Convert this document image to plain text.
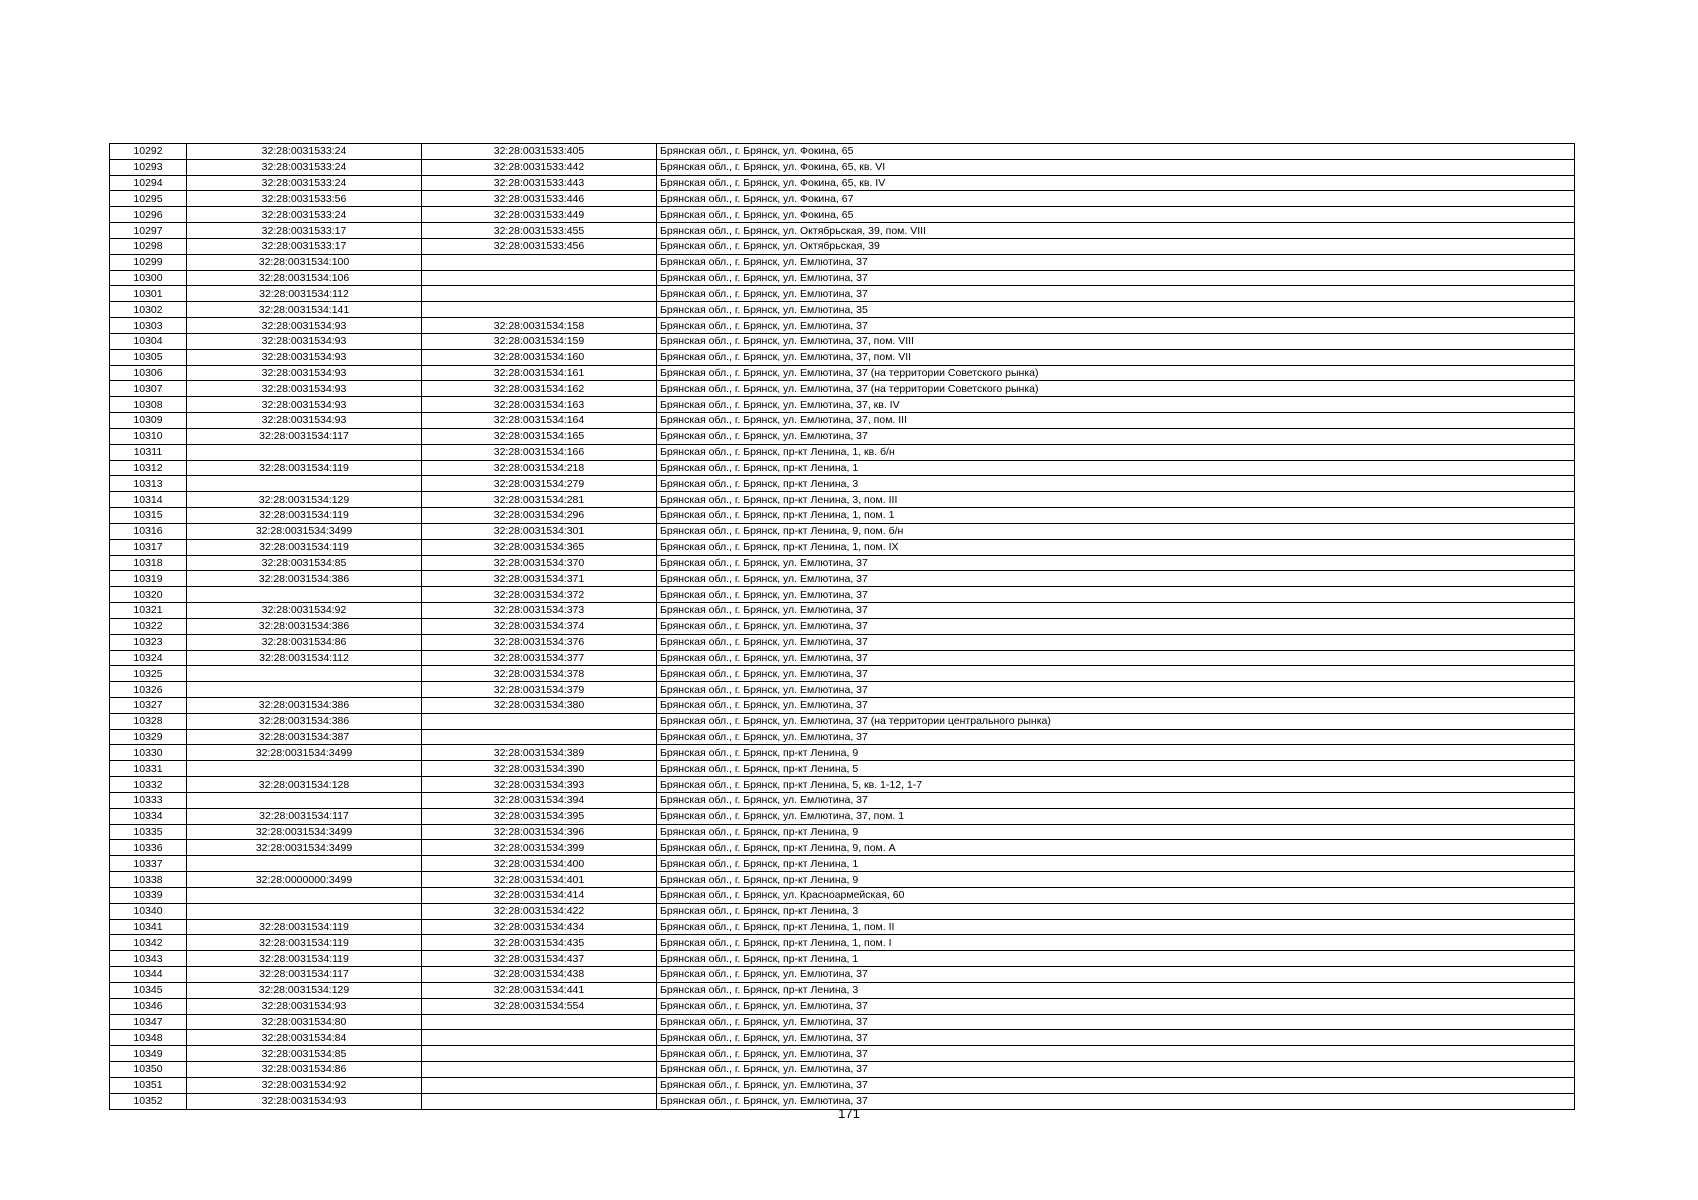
10292	32:28:0031533:24	32:28:0031533:405	Брянская обл., г. Брянск, ул. Фокина, 65
10293	32:28:0031533:24	32:28:0031533:442	Брянская обл., г. Брянск, ул. Фокина, 65, кв. VI
10294	32:28:0031533:24	32:28:0031533:443	Брянская обл., г. Брянск, ул. Фокина, 65, кв. IV
10295	32:28:0031533:56	32:28:0031533:446	Брянская обл., г. Брянск, ул. Фокина, 67
10296	32:28:0031533:24	32:28:0031533:449	Брянская обл., г. Брянск, ул. Фокина, 65
10297	32:28:0031533:17	32:28:0031533:455	Брянская обл., г. Брянск, ул. Октябрьская, 39, пом. VIII
10298	32:28:0031533:17	32:28:0031533:456	Брянская обл., г. Брянск, ул. Октябрьская, 39
10299	32:28:0031534:100		Брянская обл., г. Брянск, ул. Емлютина, 37
10300	32:28:0031534:106		Брянская обл., г. Брянск, ул. Емлютина, 37
10301	32:28:0031534:112		Брянская обл., г. Брянск, ул. Емлютина, 37
10302	32:28:0031534:141		Брянская обл., г. Брянск, ул. Емлютина, 35
10303	32:28:0031534:93	32:28:0031534:158	Брянская обл., г. Брянск, ул. Емлютина, 37
10304	32:28:0031534:93	32:28:0031534:159	Брянская обл., г. Брянск, ул. Емлютина, 37, пом. VIII
10305	32:28:0031534:93	32:28:0031534:160	Брянская обл., г. Брянск, ул. Емлютина, 37, пом. VII
10306	32:28:0031534:93	32:28:0031534:161	Брянская обл., г. Брянск, ул. Емлютина, 37 (на территории Советского рынка)
10307	32:28:0031534:93	32:28:0031534:162	Брянская обл., г. Брянск, ул. Емлютина, 37 (на территории Советского рынка)
10308	32:28:0031534:93	32:28:0031534:163	Брянская обл., г. Брянск, ул. Емлютина, 37, кв. IV
10309	32:28:0031534:93	32:28:0031534:164	Брянская обл., г. Брянск, ул. Емлютина, 37, пом. III
10310	32:28:0031534:117	32:28:0031534:165	Брянская обл., г. Брянск, ул. Емлютина, 37
10311		32:28:0031534:166	Брянская обл., г. Брянск, пр-кт Ленина, 1, кв. б/н
10312	32:28:0031534:119	32:28:0031534:218	Брянская обл., г. Брянск, пр-кт Ленина, 1
10313		32:28:0031534:279	Брянская обл., г. Брянск, пр-кт Ленина, 3
10314	32:28:0031534:129	32:28:0031534:281	Брянская обл., г. Брянск, пр-кт Ленина, 3, пом. III
10315	32:28:0031534:119	32:28:0031534:296	Брянская обл., г. Брянск, пр-кт Ленина, 1, пом. 1
10316	32:28:0031534:3499	32:28:0031534:301	Брянская обл., г. Брянск, пр-кт Ленина, 9, пом. б/н
10317	32:28:0031534:119	32:28:0031534:365	Брянская обл., г. Брянск, пр-кт Ленина, 1, пом. IX
10318	32:28:0031534:85	32:28:0031534:370	Брянская обл., г. Брянск, ул. Емлютина, 37
10319	32:28:0031534:386	32:28:0031534:371	Брянская обл., г. Брянск, ул. Емлютина, 37
10320		32:28:0031534:372	Брянская обл., г. Брянск, ул. Емлютина, 37
10321	32:28:0031534:92	32:28:0031534:373	Брянская обл., г. Брянск, ул. Емлютина, 37
10322	32:28:0031534:386	32:28:0031534:374	Брянская обл., г. Брянск, ул. Емлютина, 37
10323	32:28:0031534:86	32:28:0031534:376	Брянская обл., г. Брянск, ул. Емлютина, 37
10324	32:28:0031534:112	32:28:0031534:377	Брянская обл., г. Брянск, ул. Емлютина, 37
10325		32:28:0031534:378	Брянская обл., г. Брянск, ул. Емлютина, 37
10326		32:28:0031534:379	Брянская обл., г. Брянск, ул. Емлютина, 37
10327	32:28:0031534:386	32:28:0031534:380	Брянская обл., г. Брянск, ул. Емлютина, 37
10328	32:28:0031534:386		Брянская обл., г. Брянск, ул. Емлютина, 37 (на территории центрального рынка)
10329	32:28:0031534:387		Брянская обл., г. Брянск, ул. Емлютина, 37
10330	32:28:0031534:3499	32:28:0031534:389	Брянская обл., г. Брянск, пр-кт Ленина, 9
10331		32:28:0031534:390	Брянская обл., г. Брянск, пр-кт Ленина, 5
10332	32:28:0031534:128	32:28:0031534:393	Брянская обл., г. Брянск, пр-кт Ленина, 5, кв. 1-12, 1-7
10333		32:28:0031534:394	Брянская обл., г. Брянск, ул. Емлютина, 37
10334	32:28:0031534:117	32:28:0031534:395	Брянская обл., г. Брянск, ул. Емлютина, 37, пом. 1
10335	32:28:0031534:3499	32:28:0031534:396	Брянская обл., г. Брянск, пр-кт Ленина, 9
10336	32:28:0031534:3499	32:28:0031534:399	Брянская обл., г. Брянск, пр-кт Ленина, 9, пом. А
10337		32:28:0031534:400	Брянская обл., г. Брянск, пр-кт Ленина, 1
10338	32:28:0000000:3499	32:28:0031534:401	Брянская обл., г. Брянск, пр-кт Ленина, 9
10339		32:28:0031534:414	Брянская обл., г. Брянск, ул. Красноармейская, 60
10340		32:28:0031534:422	Брянская обл., г. Брянск, пр-кт Ленина, 3
10341	32:28:0031534:119	32:28:0031534:434	Брянская обл., г. Брянск, пр-кт Ленина, 1, пом. II
10342	32:28:0031534:119	32:28:0031534:435	Брянская обл., г. Брянск, пр-кт Ленина, 1, пом. I
10343	32:28:0031534:119	32:28:0031534:437	Брянская обл., г. Брянск, пр-кт Ленина, 1
10344	32:28:0031534:117	32:28:0031534:438	Брянская обл., г. Брянск, ул. Емлютина, 37
10345	32:28:0031534:129	32:28:0031534:441	Брянская обл., г. Брянск, пр-кт Ленина, 3
10346	32:28:0031534:93	32:28:0031534:554	Брянская обл., г. Брянск, ул. Емлютина, 37
10347	32:28:0031534:80		Брянская обл., г. Брянск, ул. Емлютина, 37
10348	32:28:0031534:84		Брянская обл., г. Брянск, ул. Емлютина, 37
10349	32:28:0031534:85		Брянская обл., г. Брянск, ул. Емлютина, 37
10350	32:28:0031534:86		Брянская обл., г. Брянск, ул. Емлютина, 37
10351	32:28:0031534:92		Брянская обл., г. Брянск, ул. Емлютина, 37
10352	32:28:0031534:93		Брянская обл., г. Брянск, ул. Емлютина, 37
171
